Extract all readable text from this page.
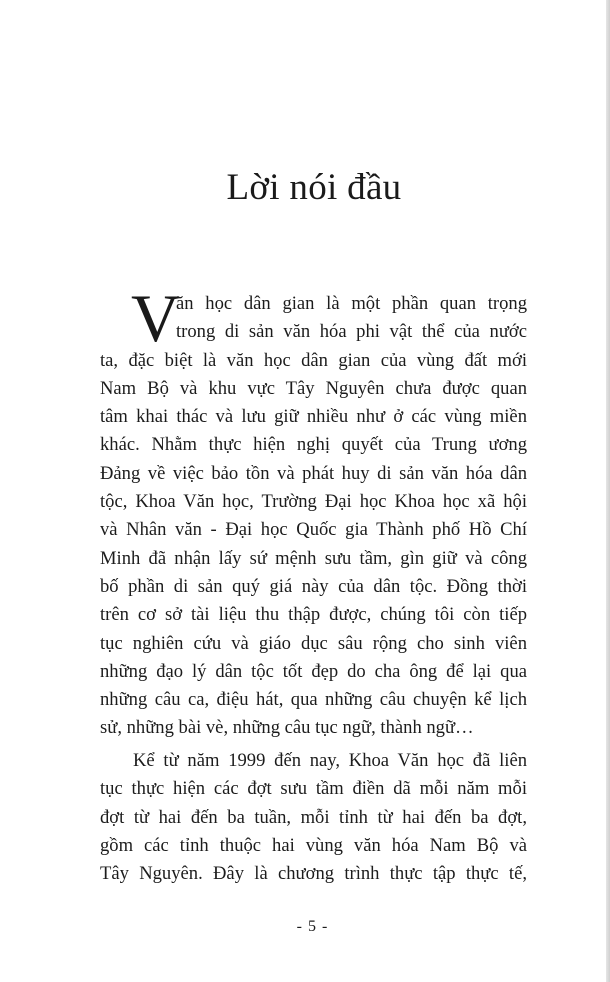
Lời nói đầu
V
ăn học dân gian là một phần quan trọng
trong di sản văn hóa phi vật thể của nước
ta, đặc biệt là văn học dân gian của vùng đất mới
Nam Bộ và khu vực Tây Nguyên chưa được quan
tâm khai thác và lưu giữ nhiều như ở các vùng miền
khác. Nhằm thực hiện nghị quyết của Trung ương
Đảng về việc bảo tồn và phát huy di sản văn hóa dân
tộc, Khoa Văn học, Trường Đại học Khoa học xã hội
và Nhân văn - Đại học Quốc gia Thành phố Hồ Chí
Minh đã nhận lấy sứ mệnh sưu tầm, gìn giữ và công
bố phần di sản quý giá này của dân tộc. Đồng thời
trên cơ sở tài liệu thu thập được, chúng tôi còn tiếp
tục nghiên cứu và giáo dục sâu rộng cho sinh viên
những đạo lý dân tộc tốt đẹp do cha ông để lại qua
những câu ca, điệu hát, qua những câu chuyện kể lịch
sử, những bài vè, những câu tục ngữ, thành ngữ…
Kể từ năm 1999 đến nay, Khoa Văn học đã liên
tục thực hiện các đợt sưu tầm điền dã mỗi năm mỗi
đợt từ hai đến ba tuần, mỗi tỉnh từ hai đến ba đợt,
gồm các tỉnh thuộc hai vùng văn hóa Nam Bộ và
Tây Nguyên. Đây là chương trình thực tập thực tế,
- 5 -
